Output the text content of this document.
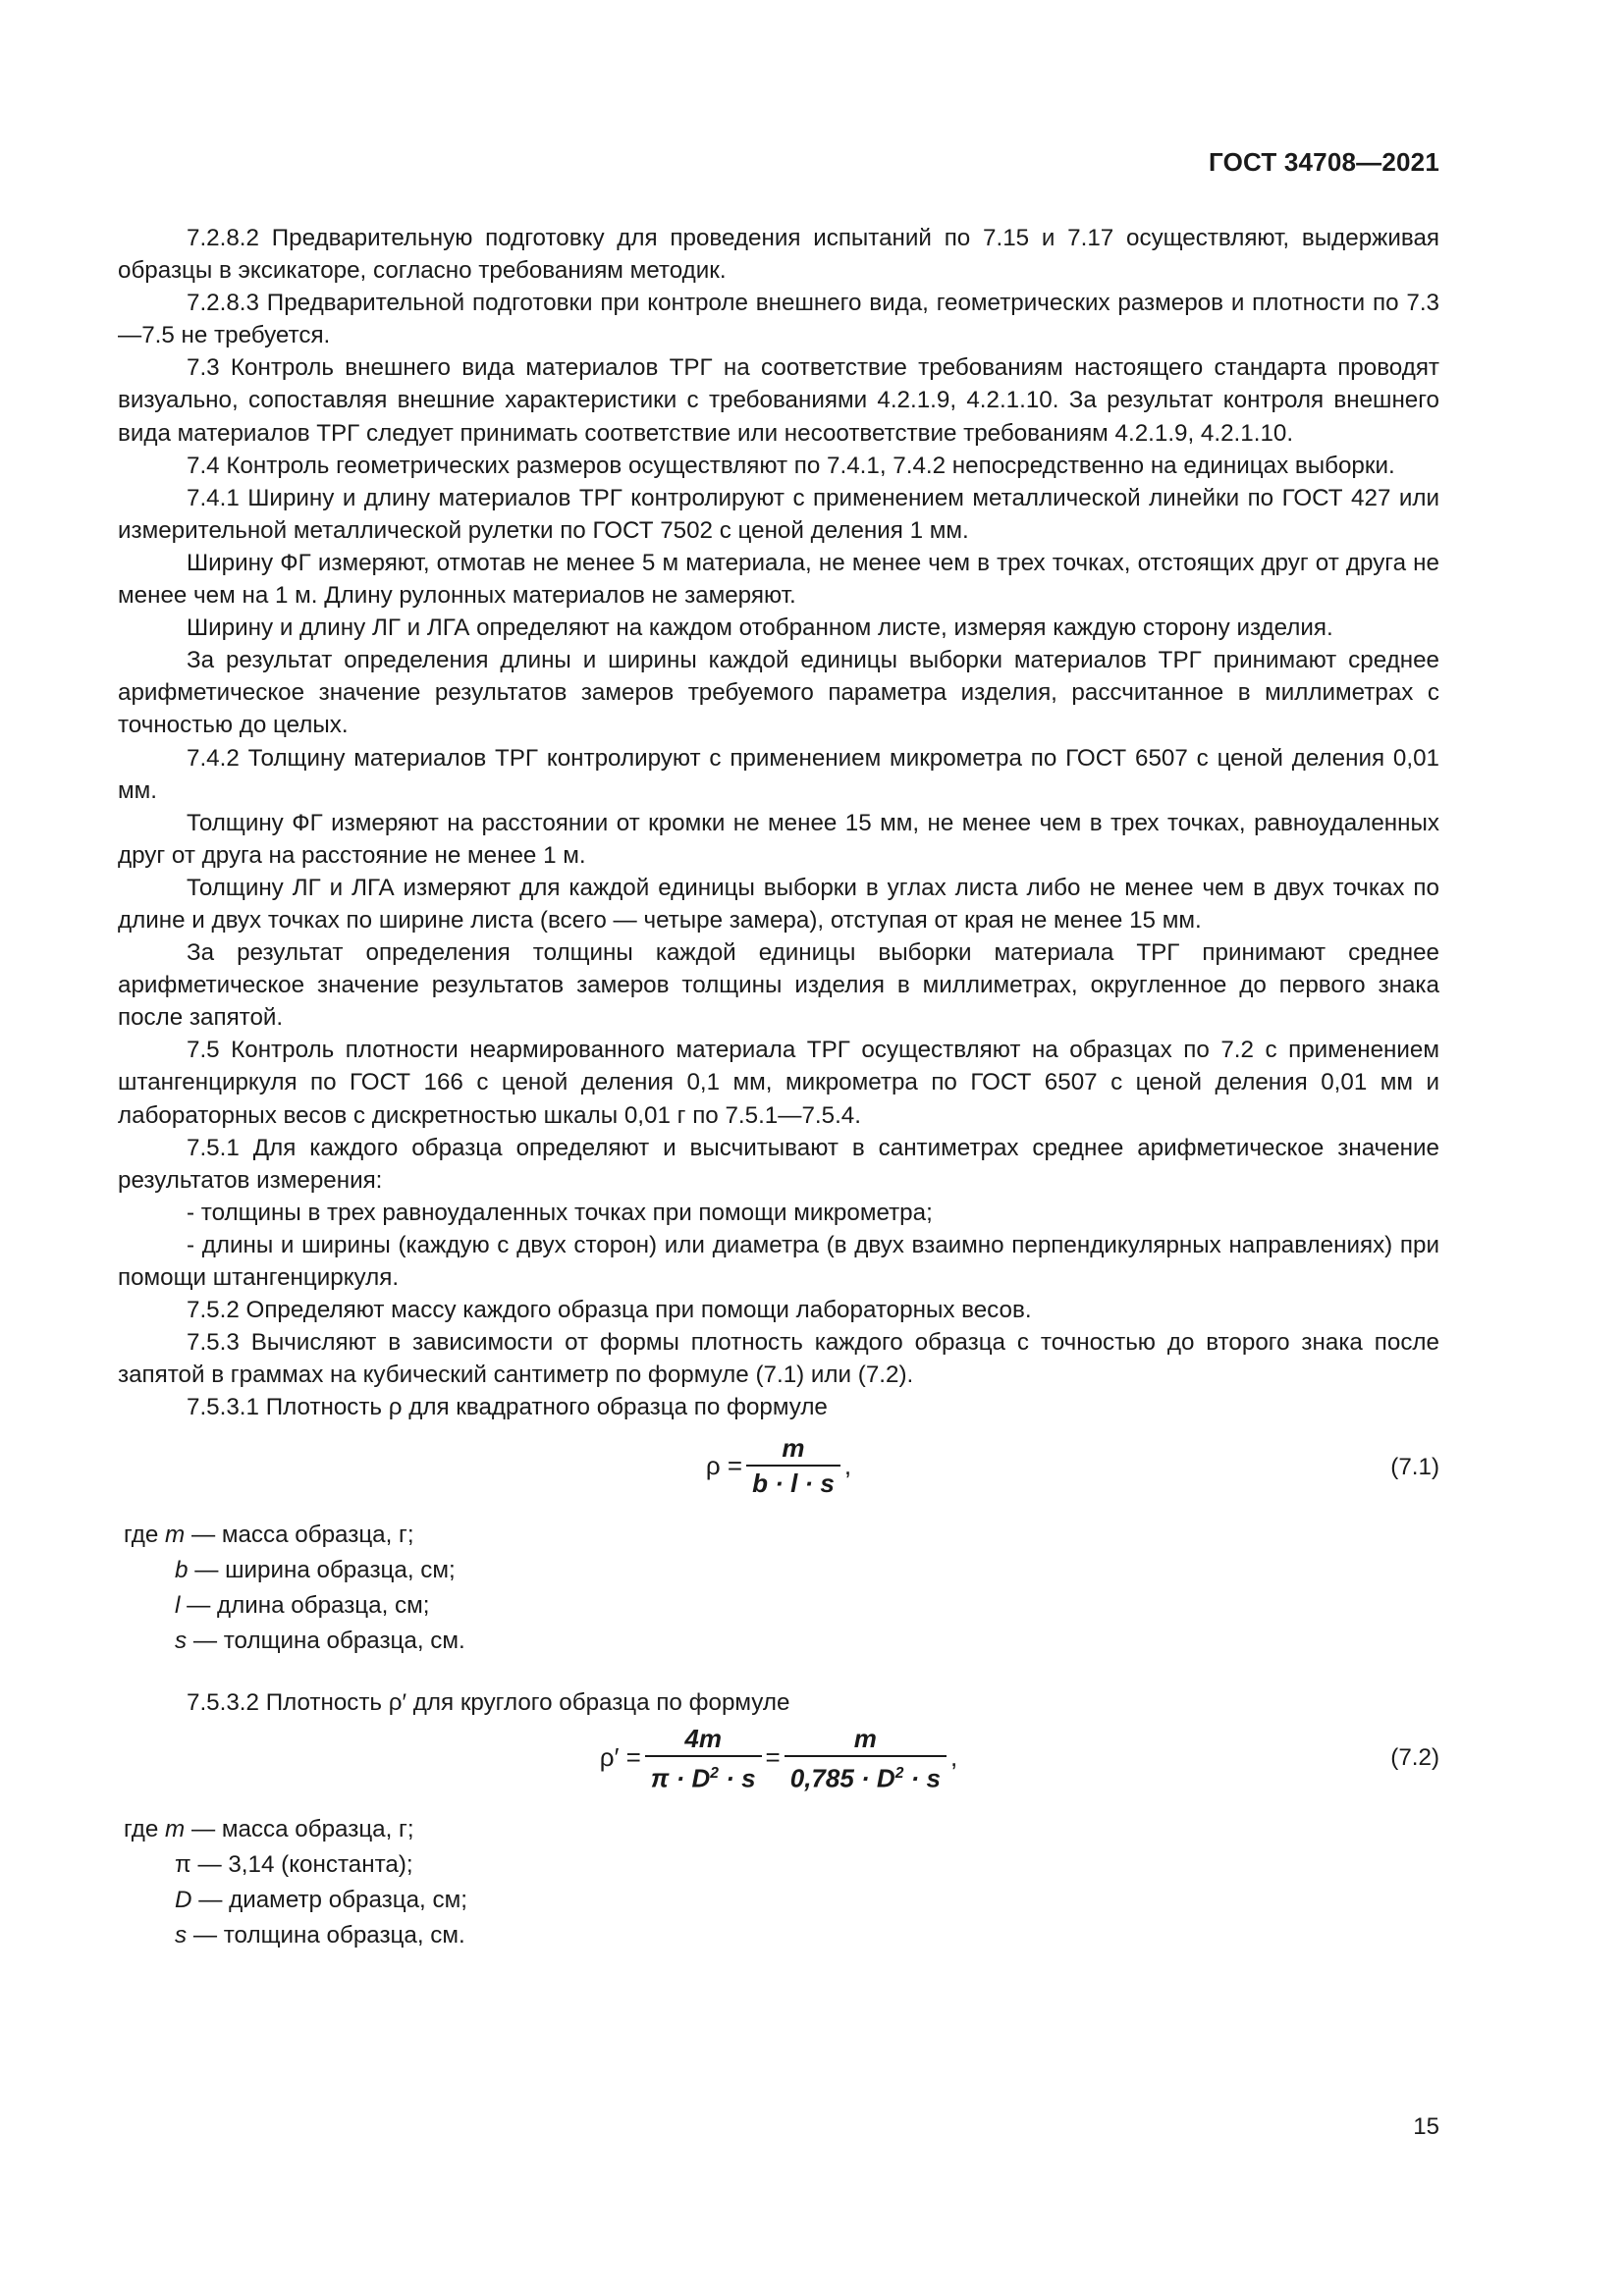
ГОСТ 34708—2021

7.2.8.2 Предварительную подготовку для проведения испытаний по 7.15 и 7.17 осуществляют, выдерживая образцы в эксикаторе, согласно требованиям методик.

7.2.8.3 Предварительной подготовки при контроле внешнего вида, геометрических размеров и плотности по 7.3—7.5 не требуется.

7.3 Контроль внешнего вида материалов ТРГ на соответствие требованиям настоящего стандарта проводят визуально, сопоставляя внешние характеристики с требованиями 4.2.1.9, 4.2.1.10. За результат контроля внешнего вида материалов ТРГ следует принимать соответствие или несоответствие требованиям 4.2.1.9, 4.2.1.10.

7.4 Контроль геометрических размеров осуществляют по 7.4.1, 7.4.2 непосредственно на единицах выборки.

7.4.1 Ширину и длину материалов ТРГ контролируют с применением металлической линейки по ГОСТ 427 или измерительной металлической рулетки по ГОСТ 7502 с ценой деления 1 мм.

Ширину ФГ измеряют, отмотав не менее 5 м материала, не менее чем в трех точках, отстоящих друг от друга не менее чем на 1 м. Длину рулонных материалов не замеряют.

Ширину и длину ЛГ и ЛГА определяют на каждом отобранном листе, измеряя каждую сторону изделия.

За результат определения длины и ширины каждой единицы выборки материалов ТРГ принимают среднее арифметическое значение результатов замеров требуемого параметра изделия, рассчитанное в миллиметрах с точностью до целых.

7.4.2 Толщину материалов ТРГ контролируют с применением микрометра по ГОСТ 6507 с ценой деления 0,01 мм.

Толщину ФГ измеряют на расстоянии от кромки не менее 15 мм, не менее чем в трех точках, равноудаленных друг от друга на расстояние не менее 1 м.

Толщину ЛГ и ЛГА измеряют для каждой единицы выборки в углах листа либо не менее чем в двух точках по длине и двух точках по ширине листа (всего — четыре замера), отступая от края не менее 15 мм.

За результат определения толщины каждой единицы выборки материала ТРГ принимают среднее арифметическое значение результатов замеров толщины изделия в миллиметрах, округленное до первого знака после запятой.

7.5 Контроль плотности неармированного материала ТРГ осуществляют на образцах по 7.2 с применением штангенциркуля по ГОСТ 166 с ценой деления 0,1 мм, микрометра по ГОСТ 6507 с ценой деления 0,01 мм и лабораторных весов с дискретностью шкалы 0,01 г по 7.5.1—7.5.4.

7.5.1 Для каждого образца определяют и высчитывают в сантиметрах среднее арифметическое значение результатов измерения:

- толщины в трех равноудаленных точках при помощи микрометра;

- длины и ширины (каждую с двух сторон) или диаметра (в двух взаимно перпендикулярных направлениях) при помощи штангенциркуля.

7.5.2 Определяют массу каждого образца при помощи лабораторных весов.

7.5.3 Вычисляют в зависимости от формы плотность каждого образца с точностью до второго знака после запятой в граммах на кубический сантиметр по формуле (7.1) или (7.2).

7.5.3.1 Плотность ρ для квадратного образца по формуле

$\rho = \frac{m}{b \cdot l \cdot s}$ ,	(7.1)
где m — масса образца, г;
b — ширина образца, см;
l — длина образца, см;
s — толщина образца, см.

7.5.3.2 Плотность ρ′ для круглого образца по формуле

$\rho' = \frac{4m}{\pi \cdot D^2 \cdot s} = \frac{m}{0,785 \cdot D^2 \cdot s}$ ,	(7.2)
где m — масса образца, г;
π — 3,14 (константа);
D — диаметр образца, см;
s — толщина образца, см.
15
